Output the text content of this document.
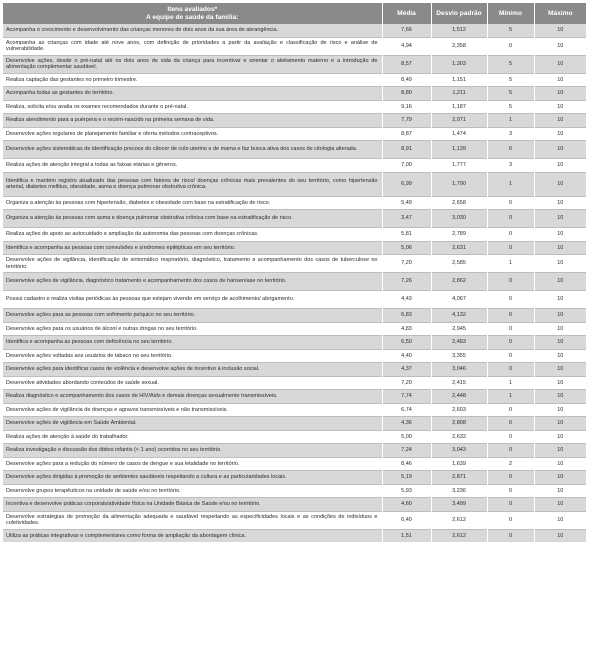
Itens avaliados*
A equipe de saúde da família:	Média	Desvio padrão	Mínimo	Máximo
Acompanha o crescimento e desenvolvimento das crianças menores de dois anos da sua área de abrangência.	7,66	1,512	5	10
Acompanha as crianças com idade até nove anos, com definição de prioridades a partir da avaliação e classificação de risco e análise de vulnerabilidade.	4,94	2,358	0	10
Desenvolve ações, desde o pré-natal até os dois anos de vida da criança para incentivar e orientar o aleitamento materno e a introdução de alimentação complementar saudável.	8,57	1,303	5	10
Realiza captação das gestantes no primeiro trimestre.	8,49	1,151	5	10
Acompanha todas as gestantes do território.	8,80	1,211	5	10
Realiza, solicita e/ou avalia os exames recomendados durante o pré-natal.	9,16	1,187	5	10
Realiza atendimento para a puérpera e o recém-nascido na primeira semana de vida.	7,79	2,071	1	10
Desenvolve ações regulares de planejamento familiar e oferta métodos contraceptivos.	8,87	1,474	3	10
Desenvolve ações sistemáticas de identificação precoce do câncer de colo uterino e de mama e faz busca ativa dos casos de citologia alterada.	8,91	1,139	6	10
Realiza ações de atenção integral a todas as faixas etárias e gêneros.	7,00	1,777	3	10
Identifica e mantém registro atualizado das pessoas com fatores de risco/ doenças crônicas mais prevalentes do seu território, como hipertensão arterial, diabetes mellitus, obesidade, asma e doença pulmonar obstrutiva crônica.	6,99	1,790	1	10
Organiza a atenção às pessoas com hipertensão, diabetes e obesidade com base na estratificação de risco.	5,49	2,658	0	10
Organiza a atenção às pessoas com asma e doença pulmonar obstrutiva crônica com base na estratificação de risco.	3,47	3,030	0	10
Realiza ações de apoio ao autocuidado e ampliação da autonomia das pessoas com doenças crônicas.	5,81	2,789	0	10
Identifica e acompanha as pessoas com convulsões e síndromes epilépticas em seu território.	5,06	2,631	0	10
Desenvolve ações de vigilância, identificação de sintomático respiratório, diagnóstico, tratamento e acompanhamento dos casos de tuberculose no território.	7,20	2,585	1	10
Desenvolve ações de vigilância, diagnóstico tratamento e acompanhamento dos casos de hanseníase no território.	7,26	2,862	0	10
Possui cadastro e realiza visitas periódicas às pessoas que estejam vivendo em serviço de acolhimento/ abrigamento.	4,43	4,067	0	10
Desenvolve ações para as pessoas com sofrimento psíquico no seu território.	6,83	4,132	0	10
Desenvolve ações para os usuários de álcool e outras drogas no seu território.	4,83	2,945	0	10
Identifica e acompanha as pessoas com deficiência no seu território.	6,50	2,483	0	10
Desenvolve ações voltadas aos usuários de tabaco no seu território.	4,40	3,355	0	10
Desenvolve ações para identificar casos de violência e desenvolve ações de incentivo à inclusão social.	4,37	3,046	0	10
Desenvolve atividades abordando conteúdos de saúde sexual.	7,20	2,415	1	10
Realiza diagnóstico e acompanhamento dos casos de HIV/Aids e demais doenças sexualmente transmissíveis.	7,74	2,448	1	10
Desenvolve ações de vigilância de doenças e agravos transmissíveis e não transmissíveis.	6,74	2,603	0	10
Desenvolve ações de vigilância em Saúde Ambiental.	4,36	2,808	0	10
Realiza ações de atenção à saúde do trabalhador.	5,00	2,632	0	10
Realiza investigação e discussão dos óbitos infantis (< 1 ano) ocorridos no seu território.	7,24	3,043	0	10
Desenvolve ações para a redução do número de casos de dengue e sua letalidade no território.	8,46	1,639	2	10
Desenvolve ações dirigidas à promoção de ambientes saudáveis respeitando a cultura e as particularidades locais.	5,19	2,871	0	10
Desenvolve grupos terapêuticos na unidade de saúde e/ou no território.	5,93	3,236	0	10
Incentiva e desenvolve práticas corporais/atividade física na Unidade Básica de Saúde e/ou no território.	4,60	3,499	0	10
Desenvolve estratégias de promoção da alimentação adequada e saudável respeitando as especificidades locais e as condições de indivíduos e coletividades.	6,40	2,612	0	10
Utiliza as práticas integrativas e complementares como forma de ampliação da abordagem clínica.	1,51	2,612	0	10
